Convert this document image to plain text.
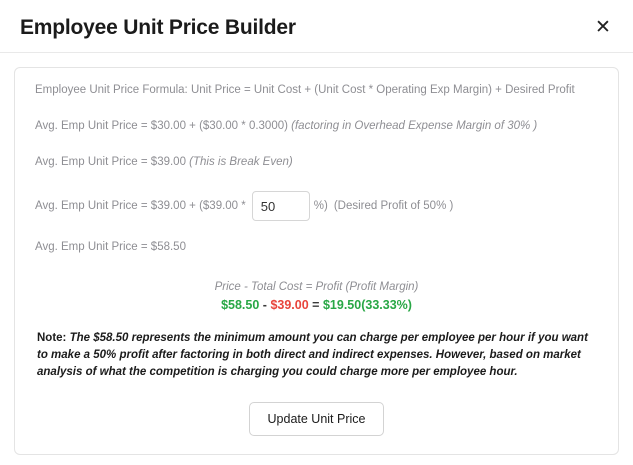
Employee Unit Price Builder	✕

Employee Unit Price Formula: Unit Price = Unit Cost + (Unit Cost * Operating Exp Margin) + Desired Profit

Avg. Emp Unit Price = $30.00 + ($30.00 * 0.3000) (factoring in Overhead Expense Margin of 30% )

Avg. Emp Unit Price = $39.00 (This is Break Even)

Avg. Emp Unit Price = $39.00 + ($39.00 *
50	%) (Desired Profit of 50% )

Avg. Emp Unit Price = $58.50

Price - Total Cost = Profit (Profit Margin)
$58.50 - $39.00 = $19.50(33.33%)
Note: The $58.50 represents the minimum amount you can charge per employee per hour if you want to make a 50% profit after factoring in both direct and indirect expenses. However, based on market analysis of what the competition is charging you could charge more per employee hour.
Update Unit Price
